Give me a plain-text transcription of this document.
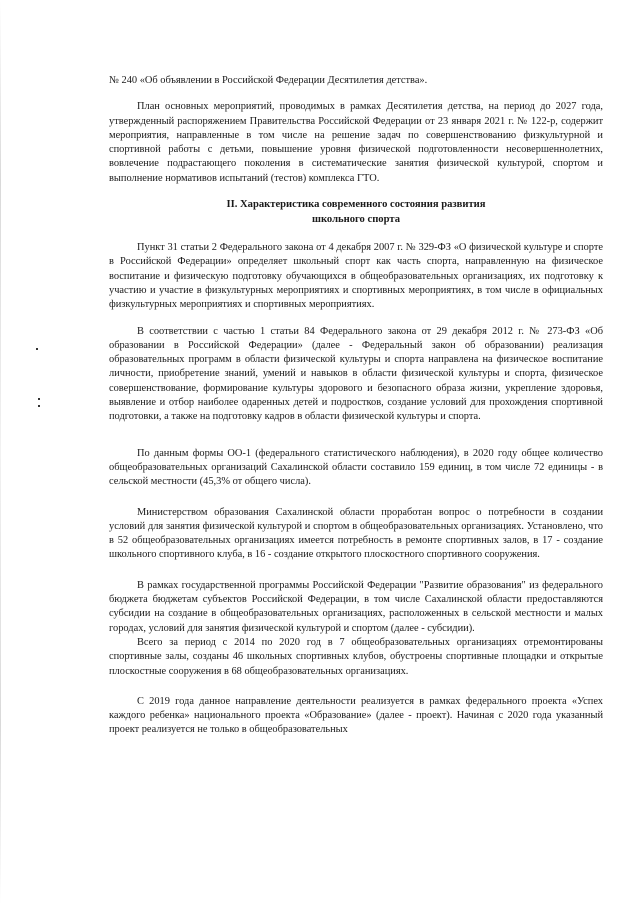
№ 240 «Об объявлении в Российской Федерации Десятилетия детства».

План основных мероприятий, проводимых в рамках Десятилетия детства, на период до 2027 года, утвержденный распоряжением Правительства Российской Федерации от 23 января 2021 г. № 122-р, содержит мероприятия, направленные в том числе на решение задач по совершенствованию физкультурной и спортивной работы с детьми, повышение уровня физической подготовленности несовершеннолетних, вовлечение подрастающего поколения в систематические занятия физической культурой, спортом и выполнение нормативов испытаний (тестов) комплекса ГТО.

II. Характеристика современного состояния развития
школьного спорта

Пункт 31 статьи 2 Федерального закона от 4 декабря 2007 г. № 329-ФЗ «О физической культуре и спорте в Российской Федерации» определяет школьный спорт как часть спорта, направленную на физическое воспитание и физическую подготовку обучающихся в общеобразовательных организациях, их подготовку к участию и участие в физкультурных мероприятиях и спортивных мероприятиях, в том числе в официальных физкультурных мероприятиях и спортивных мероприятиях.

В соответствии с частью 1 статьи 84 Федерального закона от 29 декабря 2012 г. № 273-ФЗ «Об образовании в Российской Федерации» (далее - Федеральный закон об образовании) реализация образовательных программ в области физической культуры и спорта направлена на физическое воспитание личности, приобретение знаний, умений и навыков в области физической культуры и спорта, физическое совершенствование, формирование культуры здорового и безопасного образа жизни, укрепление здоровья, выявление и отбор наиболее одаренных детей и подростков, создание условий для прохождения спортивной подготовки, а также на подготовку кадров в области физической культуры и спорта.

По данным формы ОО-1 (федерального статистического наблюдения), в 2020 году общее количество общеобразовательных организаций Сахалинской области составило 159 единиц, в том числе 72 единицы - в сельской местности (45,3% от общего числа).

Министерством образования Сахалинской области проработан вопрос о потребности в создании условий для занятия физической культурой и спортом в общеобразовательных организациях. Установлено, что в 52 общеобразовательных организациях имеется потребность в ремонте спортивных залов, в 17 - создание школьного спортивного клуба, в 16 - создание открытого плоскостного спортивного сооружения.

В рамках государственной программы Российской Федерации "Развитие образования" из федерального бюджета бюджетам субъектов Российской Федерации, в том числе Сахалинской области предоставляются субсидии на создание в общеобразовательных организациях, расположенных в сельской местности и малых городах, условий для занятия физической культурой и спортом (далее - субсидии).

Всего за период с 2014 по 2020 год в 7 общеобразовательных организациях отремонтированы спортивные залы, созданы 46 школьных спортивных клубов, обустроены спортивные площадки и открытые плоскостные сооружения в 68 общеобразовательных организациях.

С 2019 года данное направление деятельности реализуется в рамках федерального проекта «Успех каждого ребенка» национального проекта «Образование» (далее - проект). Начиная с 2020 года указанный проект реализуется не только в общеобразовательных
